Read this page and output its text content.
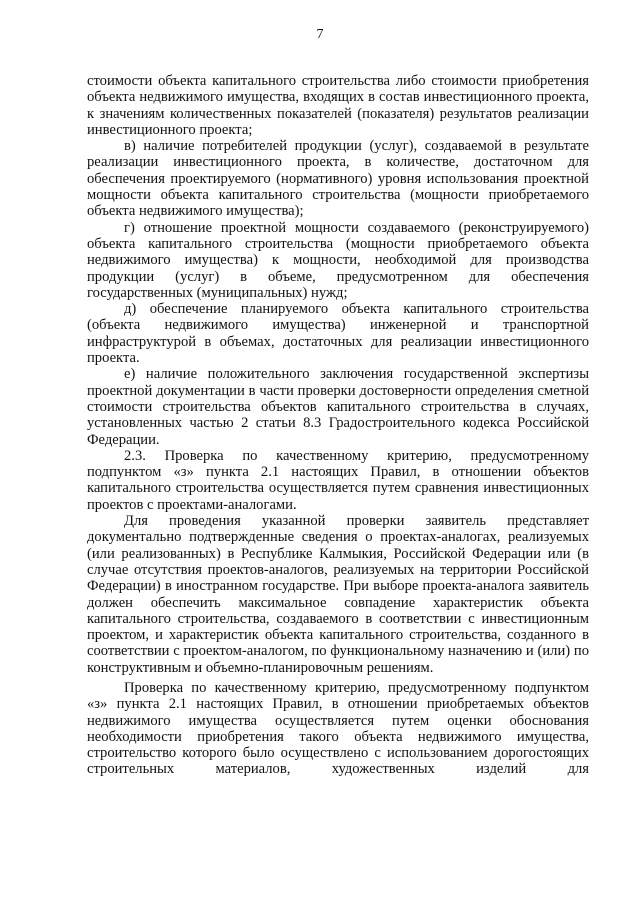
7

стоимости объекта капитального строительства либо стоимости приобретения объекта недвижимого имущества, входящих в состав инвестиционного проекта, к значениям количественных показателей (показателя) результатов реализации инвестиционного проекта;

в) наличие потребителей продукции (услуг), создаваемой в результате реализации инвестиционного проекта, в количестве, достаточном для обеспечения проектируемого (нормативного) уровня использования проектной мощности объекта капитального строительства (мощности приобретаемого объекта недвижимого имущества);

г) отношение проектной мощности создаваемого (реконструируемого) объекта капитального строительства (мощности приобретаемого объекта недвижимого имущества) к мощности, необходимой для производства продукции (услуг) в объеме, предусмотренном для обеспечения государственных (муниципальных) нужд;

д) обеспечение планируемого объекта капитального строительства (объекта недвижимого имущества) инженерной и транспортной инфраструктурой в объемах, достаточных для реализации инвестиционного проекта.

е) наличие положительного заключения государственной экспертизы проектной документации в части проверки достоверности определения сметной стоимости строительства объектов капитального строительства в случаях, установленных частью 2 статьи 8.3 Градостроительного кодекса Российской Федерации.

2.3. Проверка по качественному критерию, предусмотренному подпунктом «з» пункта 2.1 настоящих Правил, в отношении объектов капитального строительства осуществляется путем сравнения инвестиционных проектов с проектами-аналогами.

Для проведения указанной проверки заявитель представляет документально подтвержденные сведения о проектах-аналогах, реализуемых (или реализованных) в Республике Калмыкия, Российской Федерации или (в случае отсутствия проектов-аналогов, реализуемых на территории Российской Федерации) в иностранном государстве. При выборе проекта-аналога заявитель должен обеспечить максимальное совпадение характеристик объекта капитального строительства, создаваемого в соответствии с инвестиционным проектом, и характеристик объекта капитального строительства, созданного в соответствии с проектом-аналогом, по функциональному назначению и (или) по конструктивным и объемно-планировочным решениям.

Проверка по качественному критерию, предусмотренному подпунктом «з» пункта 2.1 настоящих Правил, в отношении приобретаемых объектов недвижимого имущества осуществляется путем оценки обоснования необходимости приобретения такого объекта недвижимого имущества, строительство которого было осуществлено с использованием дорогостоящих строительных материалов, художественных изделий для
